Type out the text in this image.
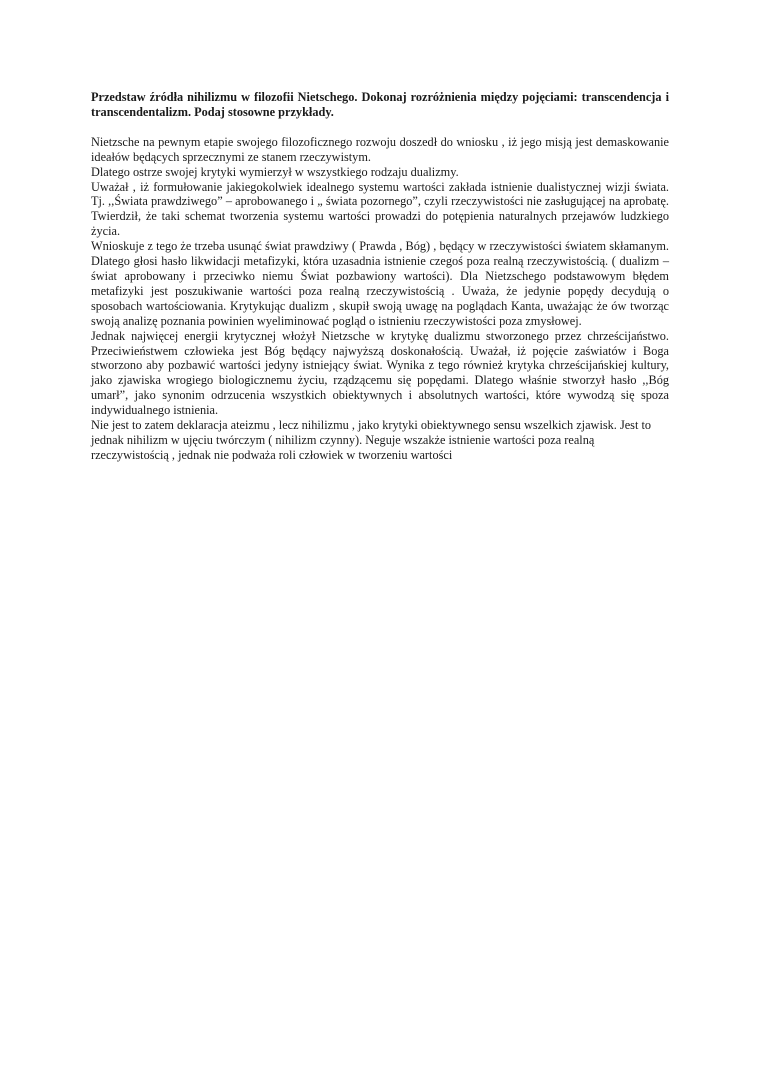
Przedstaw źródła nihilizmu w filozofii Nietschego. Dokonaj rozróżnienia między pojęciami: transcendencja i transcendentalizm. Podaj stosowne przykłady.

Nietzsche na pewnym etapie swojego filozoficznego rozwoju doszedł do wniosku , iż jego misją jest demaskowanie ideałów będących sprzecznymi ze stanem rzeczywistym.

Dlatego ostrze swojej krytyki wymierzył w wszystkiego rodzaju dualizmy.

Uważał , iż formułowanie jakiegokolwiek idealnego systemu wartości zakłada istnienie dualistycznej wizji świata. Tj. ,,Świata prawdziwego” – aprobowanego i „ świata pozornego”, czyli rzeczywistości nie zasługującej na aprobatę. Twierdził, że taki schemat tworzenia systemu wartości prowadzi do potępienia naturalnych przejawów ludzkiego życia.

Wnioskuje z tego że trzeba usunąć świat prawdziwy ( Prawda , Bóg) , będący w rzeczywistości światem skłamanym. Dlatego głosi hasło likwidacji metafizyki, która uzasadnia istnienie czegoś poza realną rzeczywistością. ( dualizm – świat aprobowany i przeciwko niemu Świat pozbawiony wartości). Dla Nietzschego podstawowym błędem metafizyki jest poszukiwanie wartości poza realną rzeczywistością . Uważa, że jedynie popędy decydują o sposobach wartościowania. Krytykując dualizm , skupił swoją uwagę na poglądach Kanta, uważając że ów tworząc swoją analizę poznania powinien wyeliminować pogląd o istnieniu rzeczywistości poza zmysłowej.

Jednak najwięcej energii krytycznej włożył Nietzsche w krytykę dualizmu stworzonego przez chrześcijaństwo. Przeciwieństwem człowieka jest Bóg będący najwyższą doskonałością. Uważał, iż pojęcie zaświatów i Boga stworzono aby pozbawić wartości jedyny istniejący świat. Wynika z tego również krytyka chrześcijańskiej kultury, jako zjawiska wrogiego biologicznemu życiu, rządzącemu się popędami. Dlatego właśnie stworzył hasło ,,Bóg umarł”, jako synonim odrzucenia wszystkich obiektywnych i absolutnych wartości, które wywodzą się spoza indywidualnego istnienia.

Nie jest to zatem deklaracja ateizmu , lecz nihilizmu , jako krytyki obiektywnego sensu wszelkich zjawisk. Jest to jednak nihilizm w ujęciu twórczym ( nihilizm czynny). Neguje wszakże istnienie wartości poza realną rzeczywistością , jednak nie podważa roli człowiek w tworzeniu wartości
